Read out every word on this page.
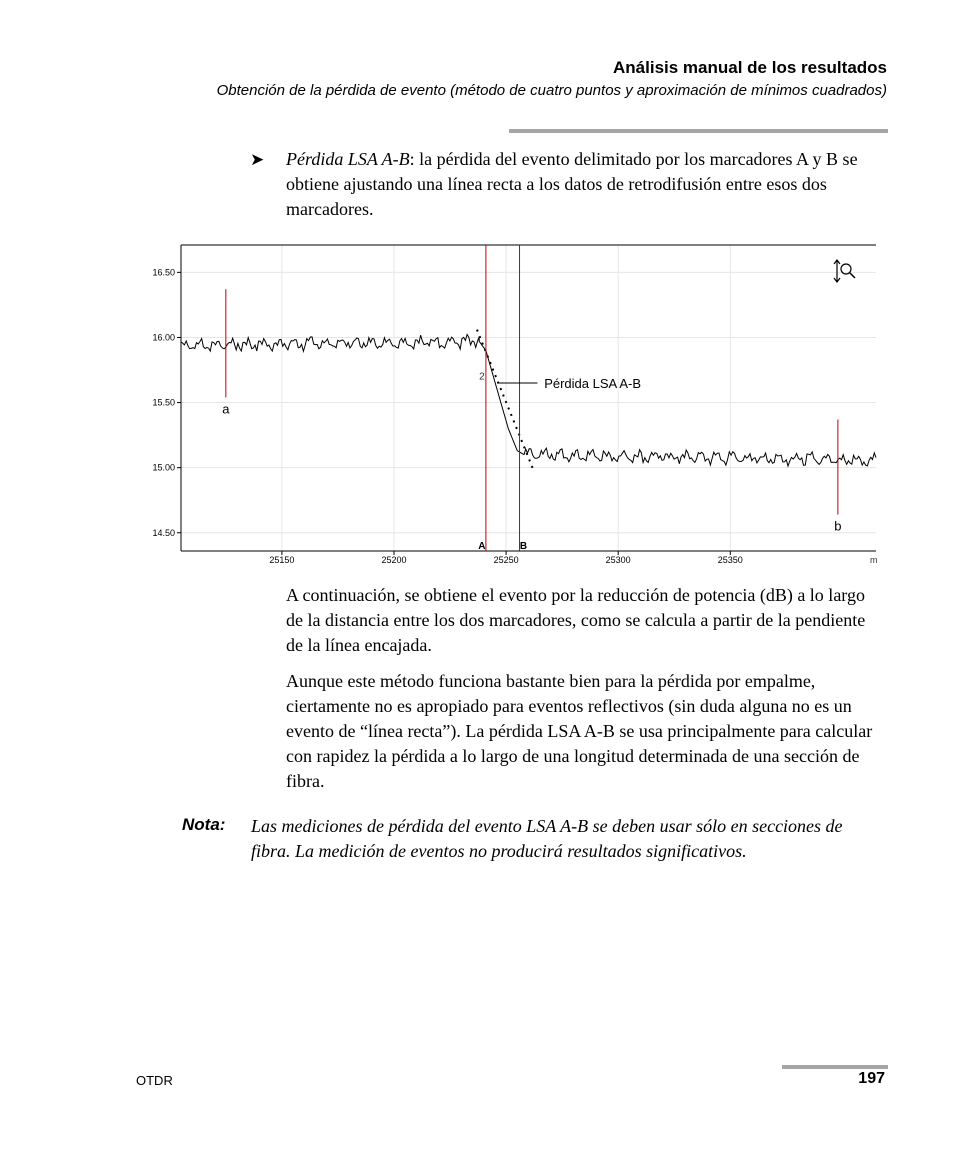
Análisis manual de los resultados

Obtención de la pérdida de evento (método de cuatro puntos y aproximación de mínimos cuadrados)

➤ Pérdida LSA A-B: la pérdida del evento delimitado por los marcadores A y B se obtiene ajustando una línea recta a los datos de retrodifusión entre esos dos marcadores.

25150	25200	25250	25300	25350
14.50
15.00
15.50
16.00
16.50
m
a
A	B
b
Pérdida LSA A-B
2

A continuación, se obtiene el evento por la reducción de potencia (dB) a lo largo de la distancia entre los dos marcadores, como se calcula a partir de la pendiente de la línea encajada.

Aunque este método funciona bastante bien para la pérdida por empalme, ciertamente no es apropiado para eventos reflectivos (sin duda alguna no es un evento de “línea recta”). La pérdida LSA A-B se usa principalmente para calcular con rapidez la pérdida a lo largo de una longitud determinada de una sección de fibra.

Nota: Las mediciones de pérdida del evento LSA A-B se deben usar sólo en secciones de fibra. La medición de eventos no producirá resultados significativos.

OTDR	197
